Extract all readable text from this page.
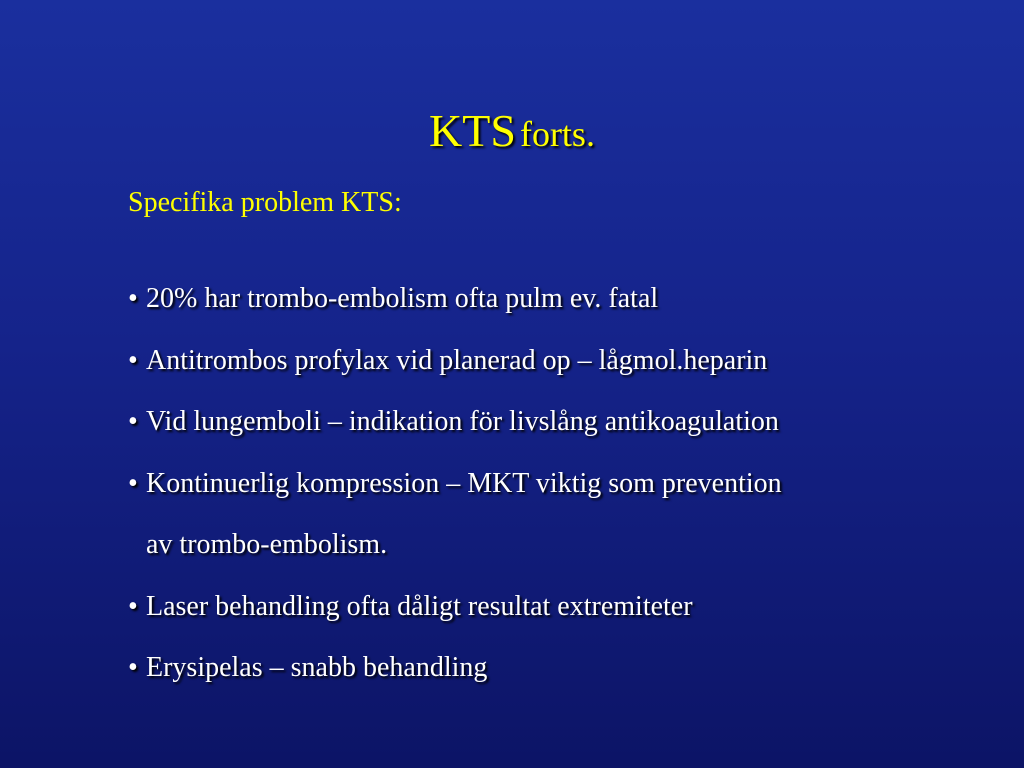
KTS forts.
Specifika problem KTS:
• 20% har trombo-embolism ofta pulm ev. fatal
• Antitrombos profylax vid planerad op – lågmol.heparin
• Vid lungemboli – indikation för livslång antikoagulation
• Kontinuerlig kompression – MKT viktig som prevention
av trombo-embolism.
• Laser behandling ofta dåligt resultat extremiteter
• Erysipelas – snabb behandling
